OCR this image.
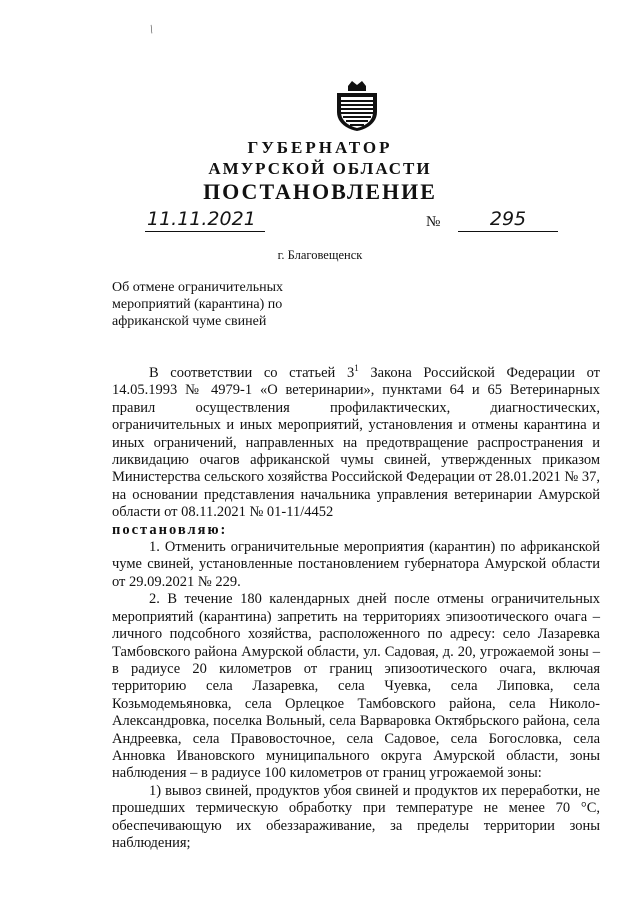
/

ГУБЕРНАТОР

АМУРСКОЙ ОБЛАСТИ

ПОСТАНОВЛЕНИЕ

11.11.2021	№	295
г. Благовещенск

Об отмене ограничительных

мероприятий (карантина) по

африканской чуме свиней

В соответствии со статьей $3^1$ Закона Российской Федерации от 14.05.1993 № 4979-1 «О ветеринарии», пунктами 64 и 65 Ветеринарных правил осуществления профилактических, диагностических, ограничительных и иных мероприятий, установления и отмены карантина и иных ограничений, направленных на предотвращение распространения и ликвидацию очагов африканской чумы свиней, утвержденных приказом Министерства сельского хозяйства Российской Федерации от 28.01.2021 № 37, на основании представления начальника управления ветеринарии Амурской области от 08.11.2021 № 01-11/4452

постановляю:

1. Отменить ограничительные мероприятия (карантин) по африканской чуме свиней, установленные постановлением губернатора Амурской области от 29.09.2021 № 229.

2. В течение 180 календарных дней после отмены ограничительных мероприятий (карантина) запретить на территориях эпизоотического очага – личного подсобного хозяйства, расположенного по адресу: село Лазаревка Тамбовского района Амурской области, ул. Садовая, д. 20, угрожаемой зоны – в радиусе 20 километров от границ эпизоотического очага, включая территорию села Лазаревка, села Чуевка, села Липовка, села Козьмодемьяновка, села Орлецкое Тамбовского района, села Николо-Александровка, поселка Вольный, села Варваровка Октябрьского района, села Андреевка, села Правовосточное, села Садовое, села Богословка, села Анновка Ивановского муниципального округа Амурской области, зоны наблюдения – в радиусе 100 километров от границ угрожаемой зоны:

1) вывоз свиней, продуктов убоя свиней и продуктов их переработки, не прошедших термическую обработку при температуре не менее 70 °С, обеспечивающую их обеззараживание, за пределы территории зоны наблюдения;
